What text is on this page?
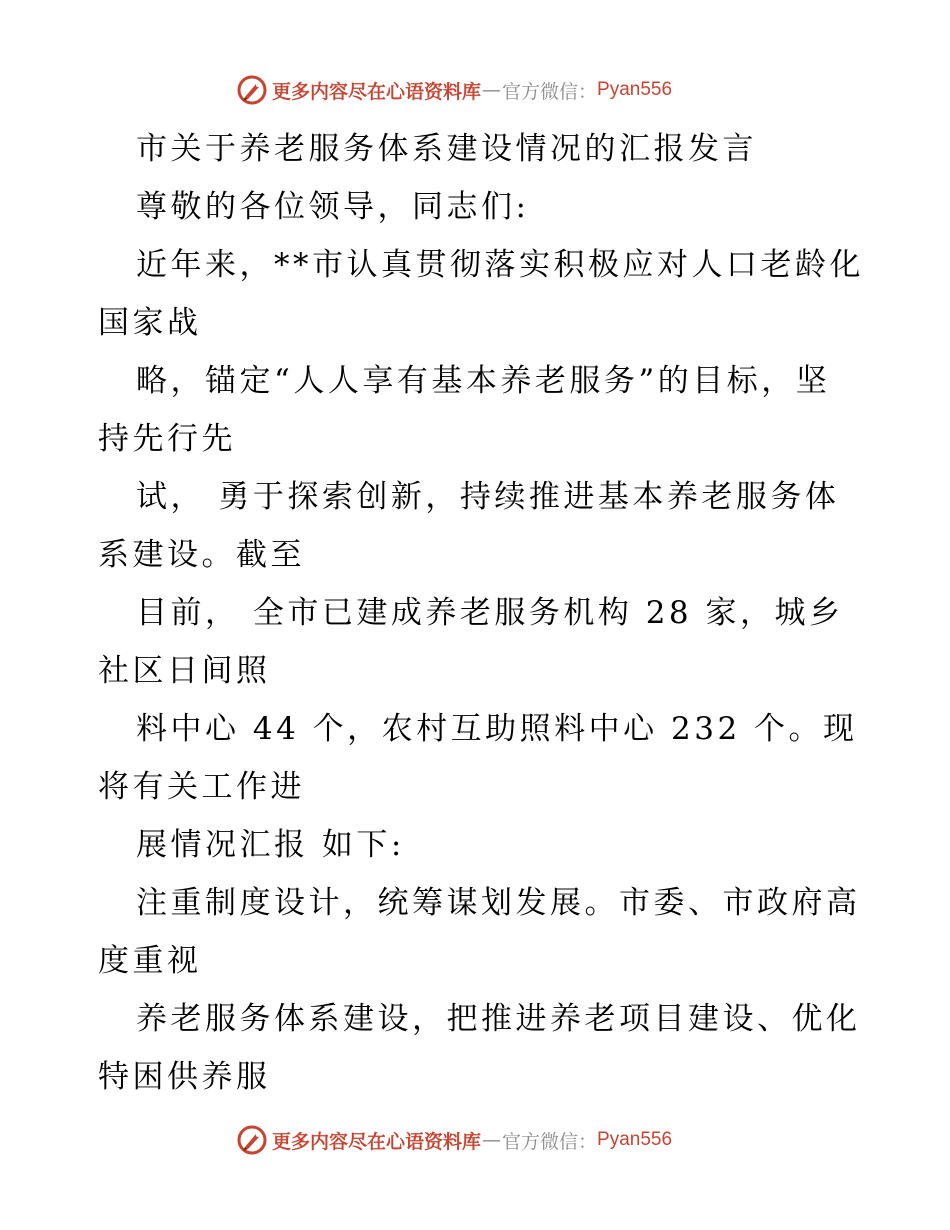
更多内容尽在心语资料库 — 官方微信： Pyan556
市关于养老服务体系建设情况的汇报发言
尊敬的各位领导，同志们:
近年来，**市认真贯彻落实积极应对人口老龄化
国家战
略，锚定“人人享有基本养老服务”的目标，坚
持先行先
试， 勇于探索创新，持续推进基本养老服务体
系建设。截至
目前， 全市已建成养老服务机构 28 家，城乡
社区日间照
料中心 44 个，农村互助照料中心 232 个。现
将有关工作进
展情况汇报 如下:
注重制度设计，统筹谋划发展。市委、市政府高
度重视
养老服务体系建设，把推进养老项目建设、优化
特困供养服
更多内容尽在心语资料库 — 官方微信： Pyan556
